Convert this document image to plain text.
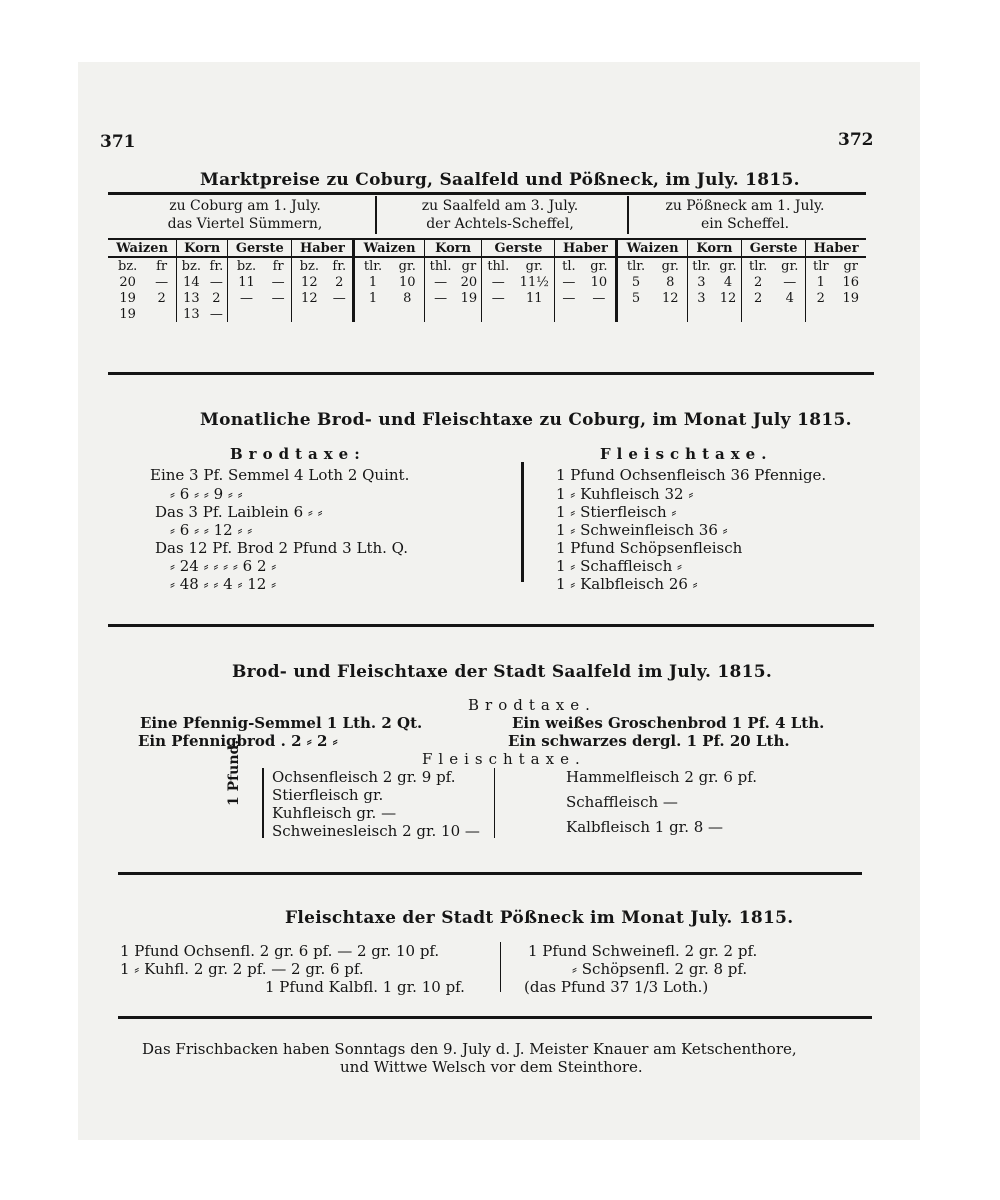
371	372
Marktpreise zu Coburg, Saalfeld und Pößneck, im July. 1815.
zu Coburg am 1. July.
das Viertel Sümmern,
zu Saalfeld am 3. July.
der Achtels-Scheffel,
zu Pößneck am 1. July.
ein Scheffel.
Waizen		Korn		Gerste		Haber		Waizen		Korn		Gerste		Haber		Waizen		Korn		Gerste		Haber	
bz.	fr	bz.	fr.	bz.	fr	bz.	fr.	tlr.	gr.	thl.	gr	thl.	gr.	tl.	gr.	tlr.	gr.	tlr.	gr.	tlr.	gr.	tlr	gr
20	—	14	—	11	—	12	2	1	10	—	20	—	11½	—	10	5	8	3	4	2	—	1	16
19	2	13	2	—	—	12	—	1	8	—	19	—	11	—	—	5	12	3	12	2	4	2	19
19		13	—																				
Monatliche Brod- und Fleischtaxe zu Coburg, im Monat July 1815.
Brodtaxe:	Fleischtaxe.
Eine 3 Pf. Semmel 4 Loth 2 Quint.
⸗ 6 ⸗ ⸗ 9 ⸗ ⸗
Das 3 Pf. Laiblein 6 ⸗ ⸗
⸗ 6 ⸗ ⸗ 12 ⸗ ⸗
Das 12 Pf. Brod 2 Pfund 3 Lth. Q.
⸗ 24 ⸗ ⸗ ⸗ ⸗ 6 2 ⸗
⸗ 48 ⸗ ⸗ 4 ⸗ 12 ⸗
1 Pfund Ochsenfleisch 36 Pfennige.
1 ⸗ Kuhfleisch 32 ⸗
1 ⸗ Stierfleisch ⸗
1 ⸗ Schweinfleisch 36 ⸗
1 Pfund Schöpsenfleisch
1 ⸗ Schaffleisch ⸗
1 ⸗ Kalbfleisch 26 ⸗
Brod- und Fleischtaxe der Stadt Saalfeld im July. 1815.
Brodtaxe.
Eine Pfennig-Semmel 1 Lth. 2 Qt.
Ein Pfennigbrod . 2 ⸗ 2 ⸗
Ein weißes Groschenbrod 1 Pf. 4 Lth.
Ein schwarzes dergl. 1 Pf. 20 Lth.
Fleischtaxe.
1 Pfund. Ochsenfleisch 2 gr. 9 pf.
Stierfleisch gr.
Kuhfleisch gr. —
Schweinesleisch 2 gr. 10 —
Hammelfleisch 2 gr. 6 pf.
Schaffleisch —
Kalbfleisch 1 gr. 8 —
Fleischtaxe der Stadt Pößneck im Monat July. 1815.
1 Pfund Ochsenfl. 2 gr. 6 pf. — 2 gr. 10 pf.
1 ⸗ Kuhfl. 2 gr. 2 pf. — 2 gr. 6 pf.
1 Pfund Kalbfl. 1 gr. 10 pf.
1 Pfund Schweinefl. 2 gr. 2 pf.
⸗ Schöpsenfl. 2 gr. 8 pf.
(das Pfund 37 1/3 Loth.)
Das Frischbacken haben Sonntags den 9. July d. J. Meister Knauer am Ketschenthore,
und Wittwe Welsch vor dem Steinthore.
